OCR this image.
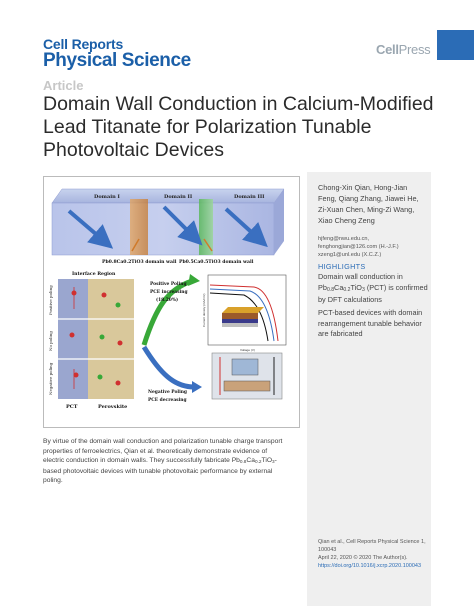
Cell Reports
Physical Science
CellPress
Article
Domain Wall Conduction in Calcium-Modified
Lead Titanate for Polarization Tunable
Photovoltaic Devices
Domain I	Domain II	Domain III
Pb0.8Ca0.2TiO3 domain wall Pb0.5Ca0.5TiO3 domain wall
Interface Region
Positive poling
No poling
Negative poling
PCT	Perovskite
Positive Poling
PCE increasing
(18.20%)
Negative Poling
PCE decreasing
Current density (mA/cm²)
Voltage (V)
By virtue of the domain wall conduction and polarization tunable charge transport
properties of ferroelectrics, Qian et al. theoretically demonstrate evidence of
electric conduction in domain walls. They successfully fabricate $Pb_{0.8}Ca_{0.2}TiO_3-$
based photovoltaic devices with tunable photovoltaic performance by external
poling.
Chong-Xin Qian, Hong-Jian
Feng, Qiang Zhang, Jiawei He,
Zi-Xuan Chen, Ming-Zi Wang,
Xiao Cheng Zeng
hjfeng@nwu.edu.cn,
fenghongjian@126.com (H.-J.F.)
xzeng1@unl.edu (X.C.Z.)
HIGHLIGHTS
Domain wall conduction in
Pb0.8Ca0.2TiO3 (PCT) is confirmed
by DFT calculations
PCT-based devices with domain
rearrangement tunable behavior
are fabricated
Qian et al., Cell Reports Physical Science 1,
100043
April 22, 2020 © 2020 The Author(s).
https://doi.org/10.1016/j.xcrp.2020.100043
